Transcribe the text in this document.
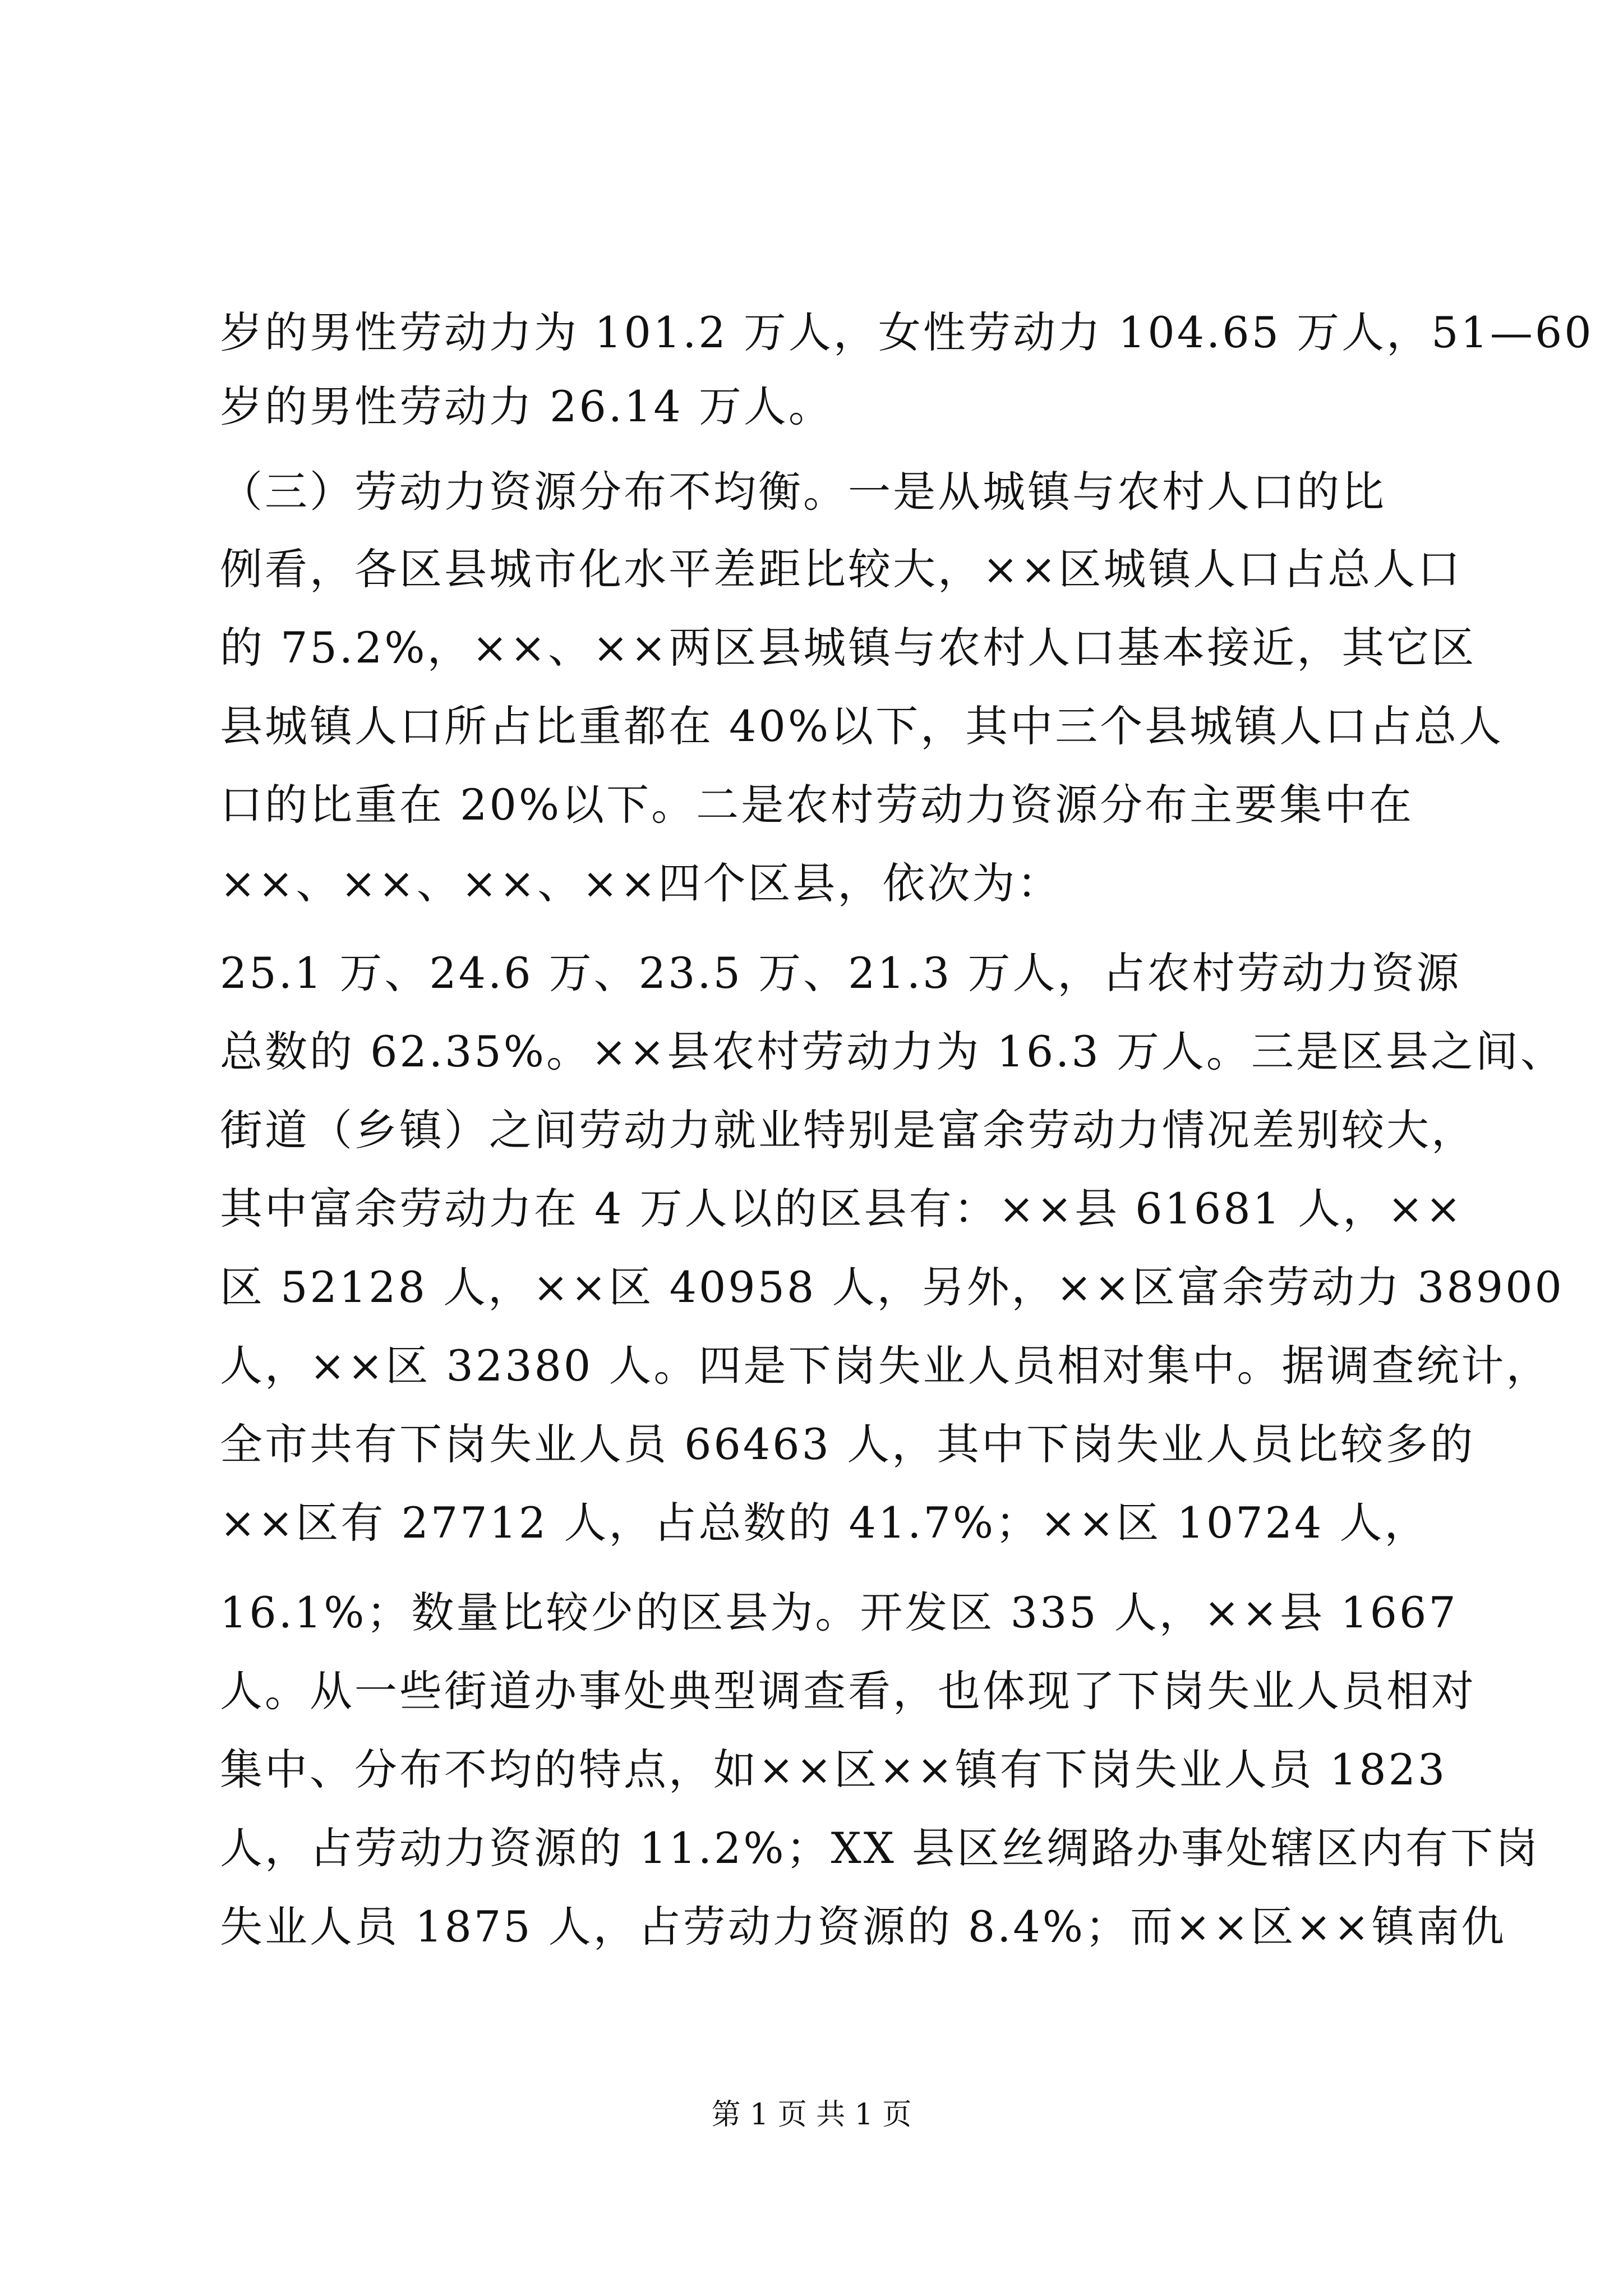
岁的男性劳动力为 101.2 万人，女性劳动力 104.65 万人，51—60
岁的男性劳动力 26.14 万人。
（三）劳动力资源分布不均衡。一是从城镇与农村人口的比
例看，各区县城市化水平差距比较大，××区城镇人口占总人口
的 75.2%，××、××两区县城镇与农村人口基本接近，其它区
县城镇人口所占比重都在 40%以下，其中三个县城镇人口占总人
口的比重在 20%以下。二是农村劳动力资源分布主要集中在
××、××、××、××四个区县，依次为：
25.1 万、24.6 万、23.5 万、21.3 万人，占农村劳动力资源
总数的 62.35%。××县农村劳动力为 16.3 万人。三是区县之间、
街道（乡镇）之间劳动力就业特别是富余劳动力情况差别较大，
其中富余劳动力在 4 万人以的区县有：××县 61681 人，××
区 52128 人，××区 40958 人，另外，××区富余劳动力 38900
人，××区 32380 人。四是下岗失业人员相对集中。据调查统计，
全市共有下岗失业人员 66463 人，其中下岗失业人员比较多的
××区有 27712 人，占总数的 41.7%；××区 10724 人，
16.1%；数量比较少的区县为。开发区 335 人，××县 1667
人。从一些街道办事处典型调查看，也体现了下岗失业人员相对
集中、分布不均的特点，如××区××镇有下岗失业人员 1823
人，占劳动力资源的 11.2%；XX 县区丝绸路办事处辖区内有下岗
失业人员 1875 人，占劳动力资源的 8.4%；而××区××镇南仇
第 1 页 共 1 页
